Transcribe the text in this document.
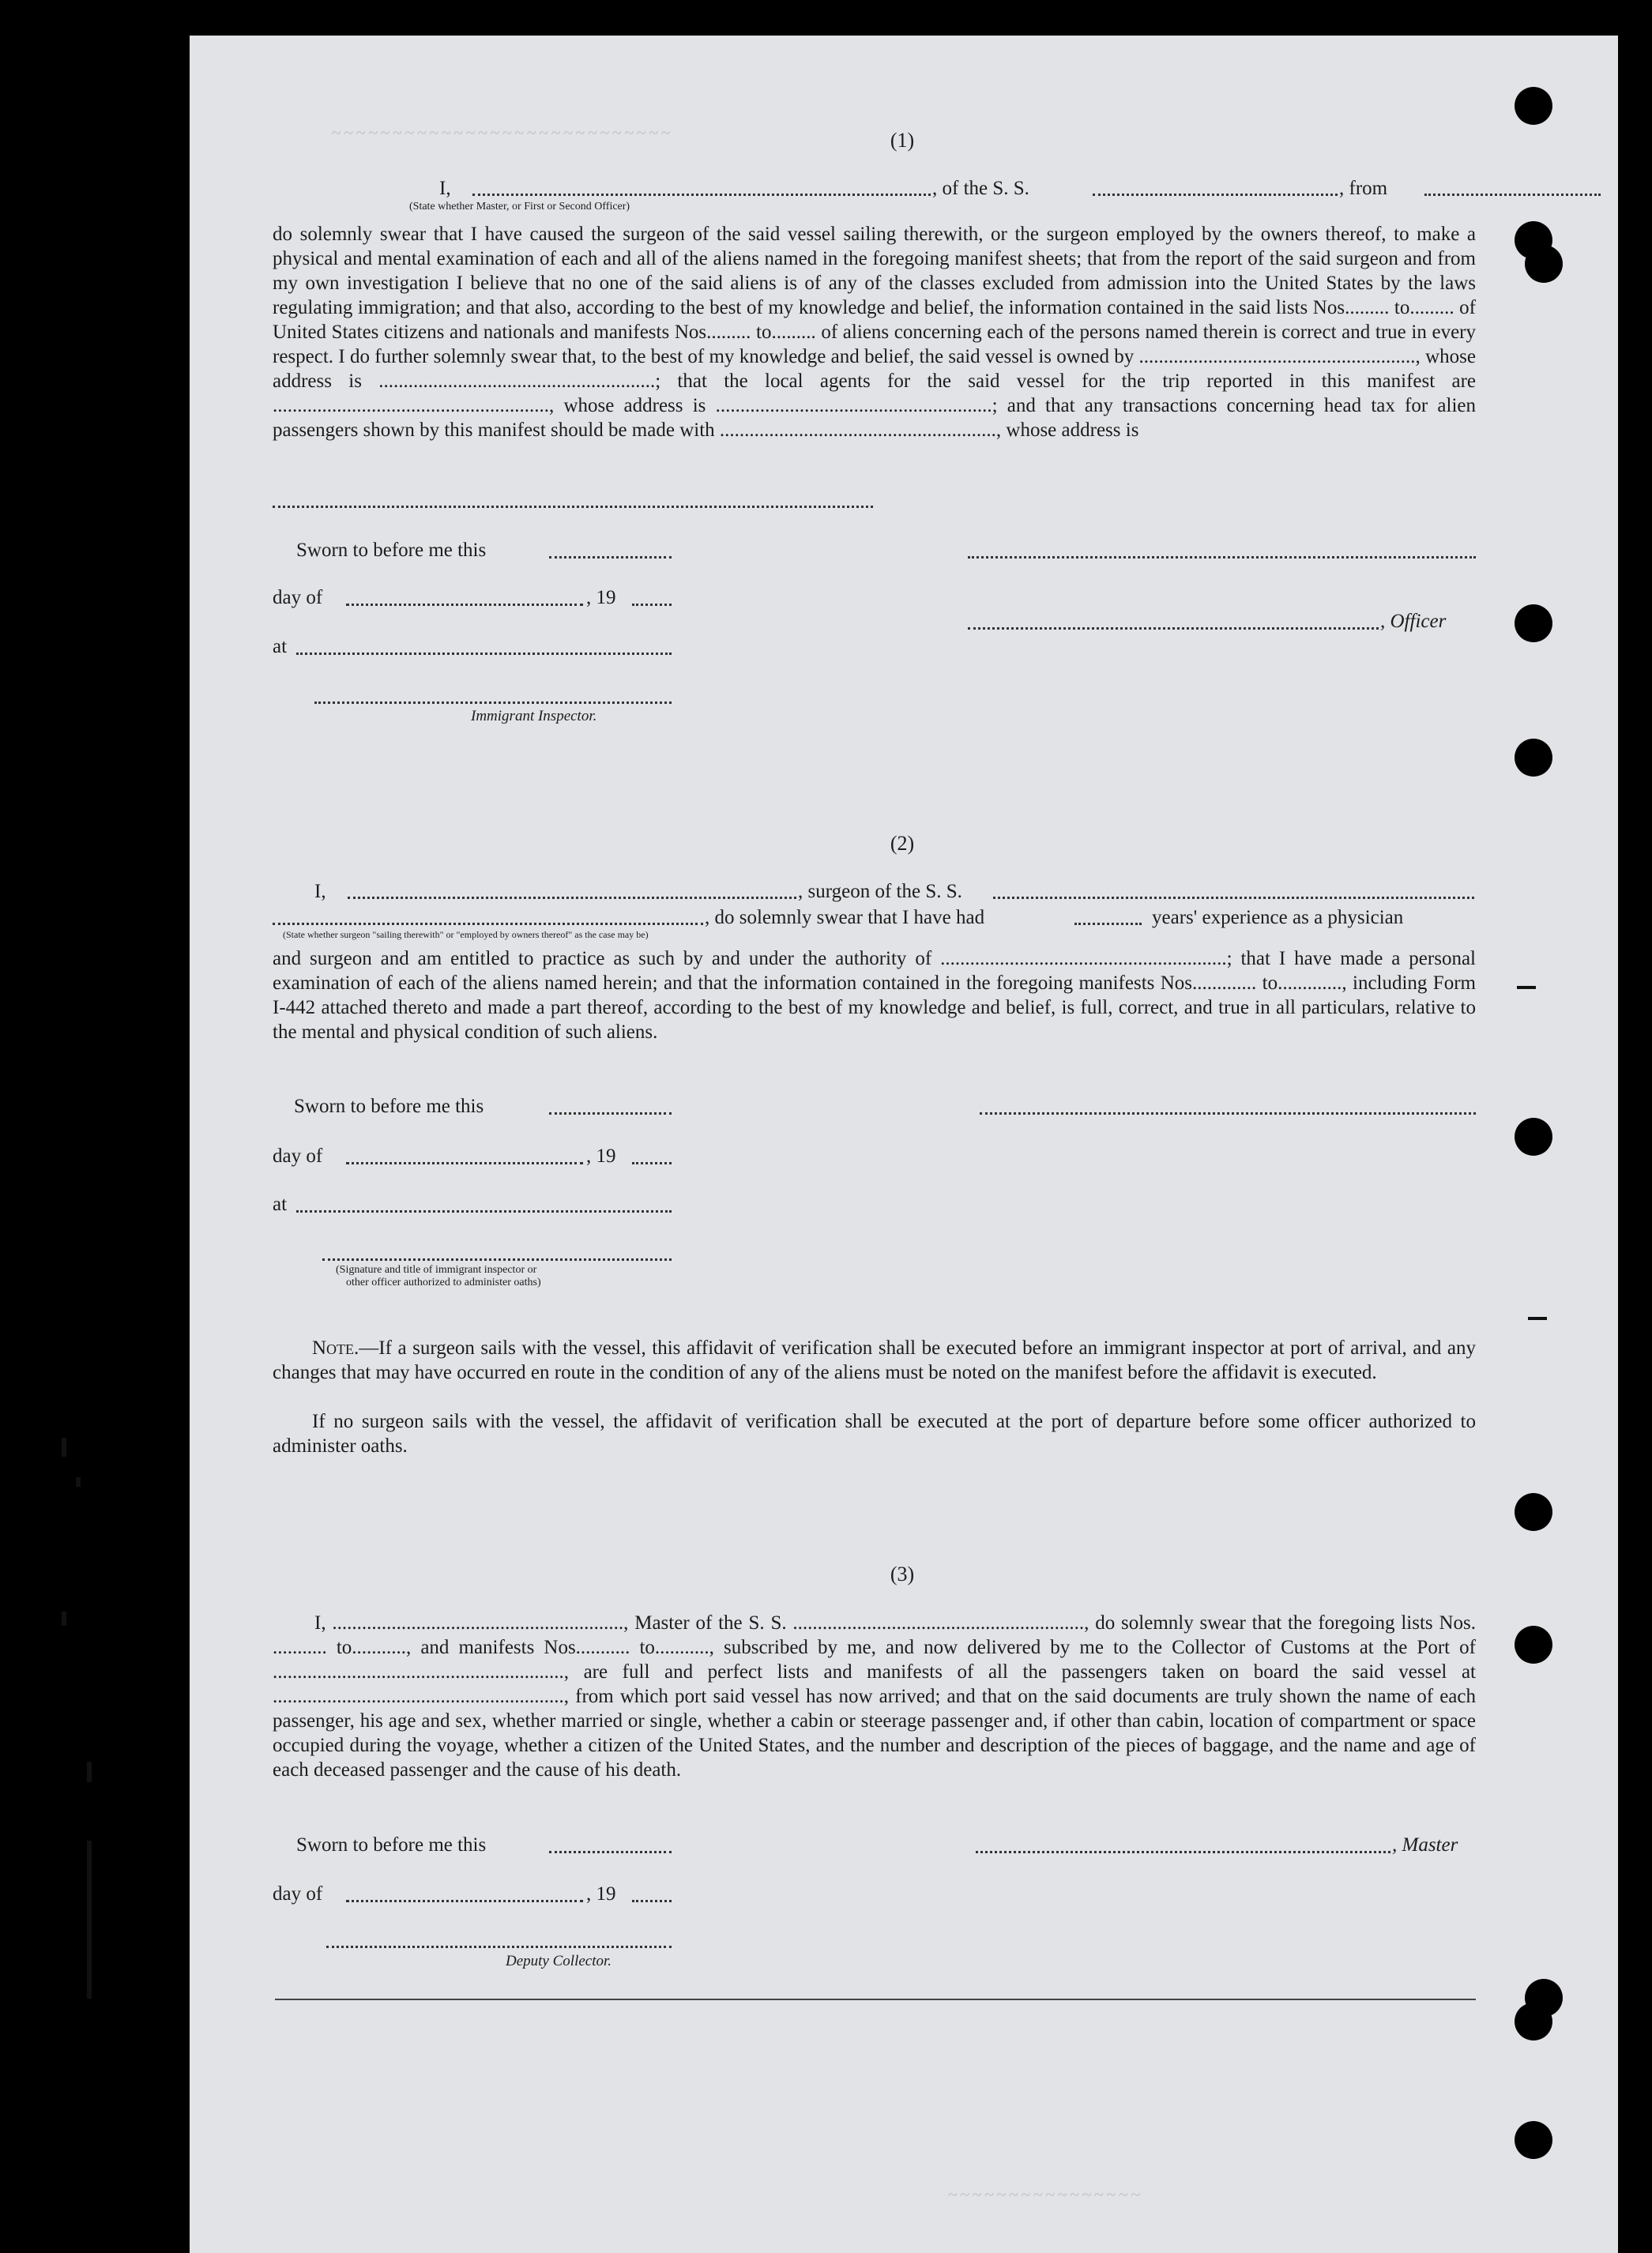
~~~~~~~~~~~~~~~~~~~~~~~~~~~~	(1)
I,	, of the S. S.	, from
(State whether Master, or First or Second Officer)
do solemnly swear that I have caused the surgeon of the said vessel sailing therewith, or the surgeon employed by the owners thereof, to make a physical and mental examination of each and all of the aliens named in the foregoing manifest sheets; that from the report of the said surgeon and from my own investigation I believe that no one of the said aliens is of any of the classes excluded from admission into the United States by the laws regulating immigration; and that also, according to the best of my knowledge and belief, the information contained in the said lists Nos......... to......... of United States citizens and nationals and manifests Nos......... to......... of aliens concerning each of the persons named therein is correct and true in every respect. I do further solemnly swear that, to the best of my knowledge and belief, the said vessel is owned by ........................................................, whose address is ........................................................; that the local agents for the said vessel for the trip reported in this manifest are ........................................................, whose address is ........................................................; and that any transactions concerning head tax for alien passengers shown by this manifest should be made with ........................................................, whose address is
Sworn to before me this
day of	, 19
, Officer
at
Immigrant Inspector.
(2)
I,	, surgeon of the S. S.
, do solemnly swear that I have had	years' experience as a physician
(State whether surgeon "sailing therewith" or "employed by owners thereof" as the case may be)
and surgeon and am entitled to practice as such by and under the authority of ..........................................................; that I have made a personal examination of each of the aliens named herein; and that the information contained in the foregoing manifests Nos............. to............., including Form I-442 attached thereto and made a part thereof, according to the best of my knowledge and belief, is full, correct, and true in all particulars, relative to the mental and physical condition of such aliens.
Sworn to before me this
day of	, 19
at
(Signature and title of immigrant inspector or
other officer authorized to administer oaths)
Note.—If a surgeon sails with the vessel, this affidavit of verification shall be executed before an immigrant inspector at port of arrival, and any changes that may have occurred en route in the condition of any of the aliens must be noted on the manifest before the affidavit is executed.
If no surgeon sails with the vessel, the affidavit of verification shall be executed at the port of departure before some officer authorized to administer oaths.
(3)
I, ..........................................................., Master of the S. S. ..........................................................., do solemnly swear that the foregoing lists Nos. ........... to..........., and manifests Nos........... to..........., subscribed by me, and now delivered by me to the Collector of Customs at the Port of ..........................................................., are full and perfect lists and manifests of all the passengers taken on board the said vessel at ..........................................................., from which port said vessel has now arrived; and that on the said documents are truly shown the name of each passenger, his age and sex, whether married or single, whether a cabin or steerage passenger and, if other than cabin, location of compartment or space occupied during the voyage, whether a citizen of the United States, and the number and description of the pieces of baggage, and the name and age of each deceased passenger and the cause of his death.
Sworn to before me this	, Master
day of	, 19
Deputy Collector.
~~~~~~~~~~~~~~~~
